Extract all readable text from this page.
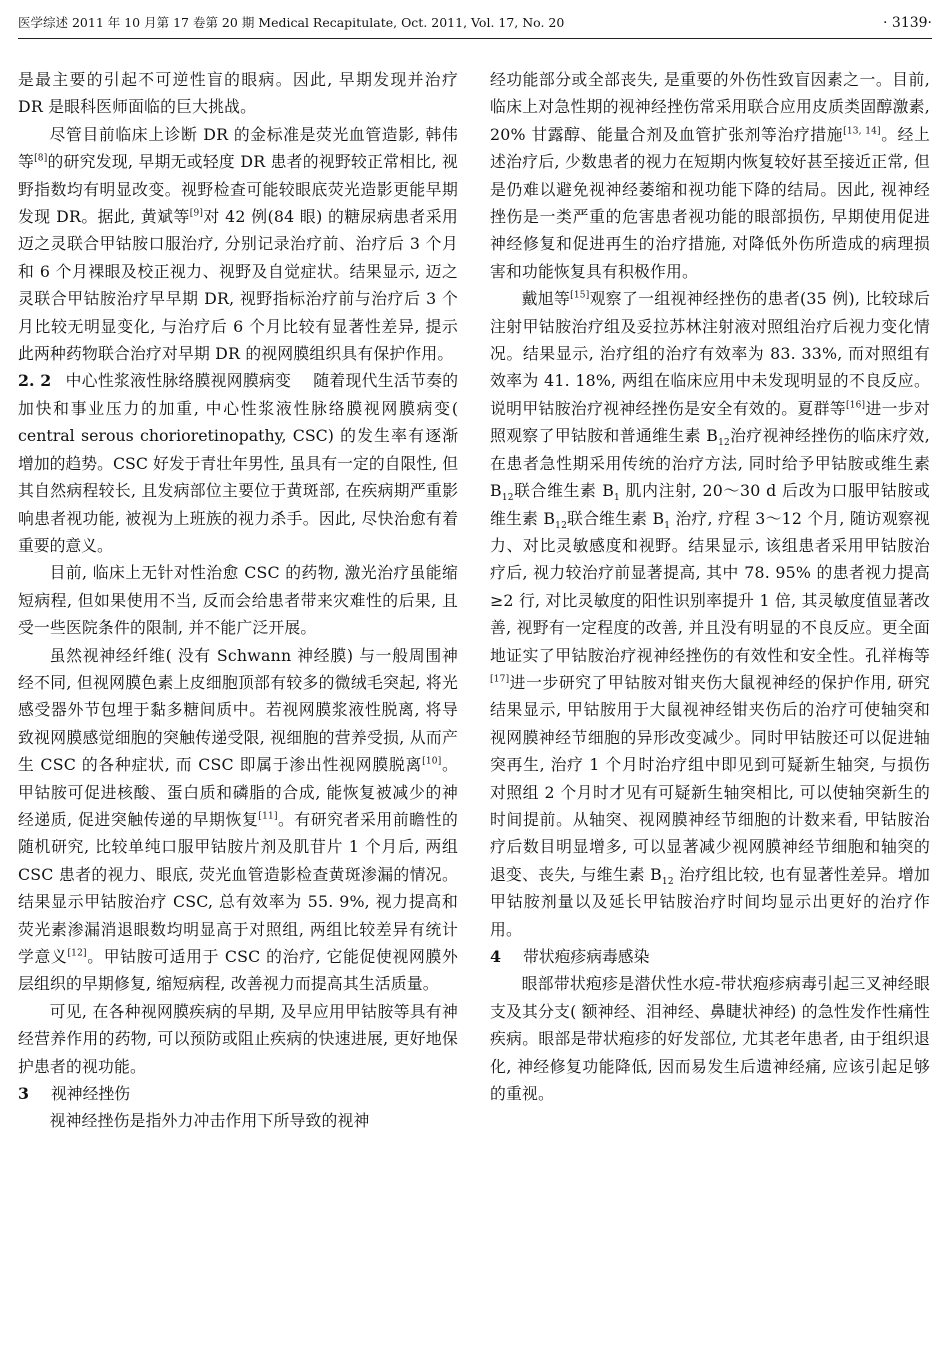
医学综述 2011 年 10 月第 17 卷第 20 期 Medical Recapitulate, Oct. 2011, Vol. 17, No. 20	· 3139·

是最主要的引起不可逆性盲的眼病。因此, 早期发现并治疗 DR 是眼科医师面临的巨大挑战。

尽管目前临床上诊断 DR 的金标准是荧光血管造影, 韩伟等[8]的研究发现, 早期无或轻度 DR 患者的视野较正常相比, 视野指数均有明显改变。视野检查可能较眼底荧光造影更能早期发现 DR。据此, 黄斌等[9]对 42 例(84 眼) 的糖尿病患者采用迈之灵联合甲钴胺口服治疗, 分别记录治疗前、治疗后 3 个月和 6 个月裸眼及校正视力、视野及自觉症状。结果显示, 迈之灵联合甲钴胺治疗早早期 DR, 视野指标治疗前与治疗后 3 个月比较无明显变化, 与治疗后 6 个月比较有显著性差异, 提示此两种药物联合治疗对早期 DR 的视网膜组织具有保护作用。

2. 2 中心性浆液性脉络膜视网膜病变 随着现代生活节奏的加快和事业压力的加重, 中心性浆液性脉络膜视网膜病变( central serous chorioretinopathy, CSC) 的发生率有逐渐增加的趋势。CSC 好发于青壮年男性, 虽具有一定的自限性, 但其自然病程较长, 且发病部位主要位于黄斑部, 在疾病期严重影响患者视功能, 被视为上班族的视力杀手。因此, 尽快治愈有着重要的意义。

目前, 临床上无针对性治愈 CSC 的药物, 激光治疗虽能缩短病程, 但如果使用不当, 反而会给患者带来灾难性的后果, 且受一些医院条件的限制, 并不能广泛开展。

虽然视神经纤维( 没有 Schwann 神经膜) 与一般周围神经不同, 但视网膜色素上皮细胞顶部有较多的微绒毛突起, 将光感受器外节包埋于黏多糖间质中。若视网膜浆液性脱离, 将导致视网膜感觉细胞的突触传递受限, 视细胞的营养受损, 从而产生 CSC 的各种症状, 而 CSC 即属于渗出性视网膜脱离[10]。甲钴胺可促进核酸、蛋白质和磷脂的合成, 能恢复被减少的神经递质, 促进突触传递的早期恢复[11]。有研究者采用前瞻性的随机研究, 比较单纯口服甲钴胺片剂及肌苷片 1 个月后, 两组 CSC 患者的视力、眼底, 荧光血管造影检查黄斑渗漏的情况。结果显示甲钴胺治疗 CSC, 总有效率为 55. 9%, 视力提高和荧光素渗漏消退眼数均明显高于对照组, 两组比较差异有统计学意义[12]。甲钴胺可适用于 CSC 的治疗, 它能促使视网膜外层组织的早期修复, 缩短病程, 改善视力而提高其生活质量。

可见, 在各种视网膜疾病的早期, 及早应用甲钴胺等具有神经营养作用的药物, 可以预防或阻止疾病的快速进展, 更好地保护患者的视功能。

3 视神经挫伤

视神经挫伤是指外力冲击作用下所导致的视神

经功能部分或全部丧失, 是重要的外伤性致盲因素之一。目前, 临床上对急性期的视神经挫伤常采用联合应用皮质类固醇激素, 20% 甘露醇、能量合剂及血管扩张剂等治疗措施[13, 14]。经上述治疗后, 少数患者的视力在短期内恢复较好甚至接近正常, 但是仍难以避免视神经萎缩和视功能下降的结局。因此, 视神经挫伤是一类严重的危害患者视功能的眼部损伤, 早期使用促进神经修复和促进再生的治疗措施, 对降低外伤所造成的病理损害和功能恢复具有积极作用。

戴旭等[15]观察了一组视神经挫伤的患者(35 例), 比较球后注射甲钴胺治疗组及妥拉苏林注射液对照组治疗后视力变化情况。结果显示, 治疗组的治疗有效率为 83. 33%, 而对照组有效率为 41. 18%, 两组在临床应用中未发现明显的不良反应。说明甲钴胺治疗视神经挫伤是安全有效的。夏群等[16]进一步对照观察了甲钴胺和普通维生素 $B_{12}$治疗视神经挫伤的临床疗效, 在患者急性期采用传统的治疗方法, 同时给予甲钴胺或维生素 $B_{12}$联合维生素 $B_1$ 肌内注射, 20～30 d 后改为口服甲钴胺或维生素 $B_{12}$联合维生素 $B_1$ 治疗, 疗程 3～12 个月, 随访观察视力、对比灵敏感度和视野。结果显示, 该组患者采用甲钴胺治疗后, 视力较治疗前显著提高, 其中 78. 95% 的患者视力提高≥2 行, 对比灵敏度的阳性识别率提升 1 倍, 其灵敏度值显著改善, 视野有一定程度的改善, 并且没有明显的不良反应。更全面地证实了甲钴胺治疗视神经挫伤的有效性和安全性。孔祥梅等[17]进一步研究了甲钴胺对钳夹伤大鼠视神经的保护作用, 研究结果显示, 甲钴胺用于大鼠视神经钳夹伤后的治疗可使轴突和视网膜神经节细胞的异形改变减少。同时甲钴胺还可以促进轴突再生, 治疗 1 个月时治疗组中即见到可疑新生轴突, 与损伤对照组 2 个月时才见有可疑新生轴突相比, 可以使轴突新生的时间提前。从轴突、视网膜神经节细胞的计数来看, 甲钴胺治疗后数目明显增多, 可以显著减少视网膜神经节细胞和轴突的退变、丧失, 与维生素 $B_{12}$ 治疗组比较, 也有显著性差异。增加甲钴胺剂量以及延长甲钴胺治疗时间均显示出更好的治疗作用。

4 带状疱疹病毒感染

眼部带状疱疹是潜伏性水痘-带状疱疹病毒引起三叉神经眼支及其分支( 额神经、泪神经、鼻睫状神经) 的急性发作性痛性疾病。眼部是带状疱疹的好发部位, 尤其老年患者, 由于组织退化, 神经修复功能降低, 因而易发生后遗神经痛, 应该引起足够的重视。
